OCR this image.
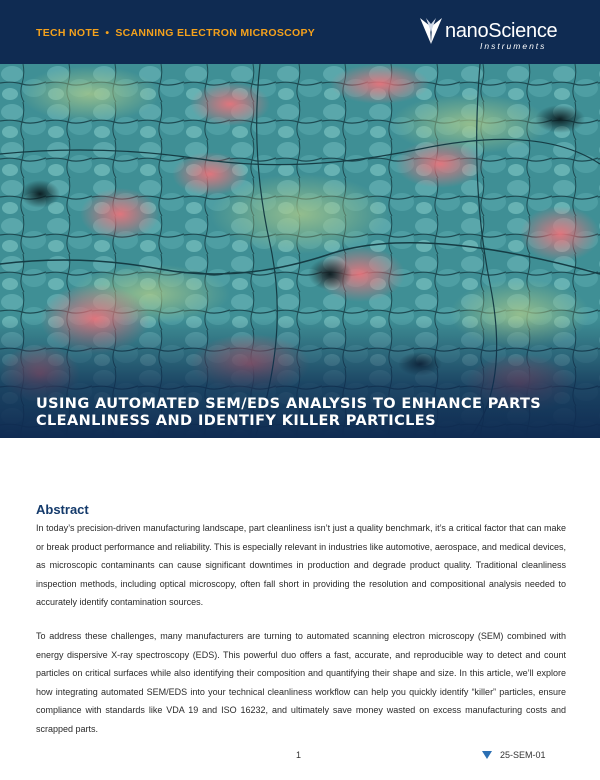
TECH NOTE • SCANNING ELECTRON MICROSCOPY	nanoScience
Instruments
USING AUTOMATED SEM/EDS ANALYSIS TO ENHANCE PARTS CLEANLINESS AND IDENTIFY KILLER PARTICLES
Abstract

In today’s precision-driven manufacturing landscape, part cleanliness isn’t just a quality benchmark, it’s a critical factor that can make or break product performance and reliability. This is especially relevant in industries like automotive, aerospace, and medical devices, as microscopic contaminants can cause significant downtimes in production and degrade product quality. Traditional cleanliness inspection methods, including optical microscopy, often fall short in providing the resolution and compositional analysis needed to accurately identify contamination sources.

To address these challenges, many manufacturers are turning to automated scanning electron microscopy (SEM) combined with energy dispersive X-ray spectroscopy (EDS). This powerful duo offers a fast, accurate, and reproducible way to detect and count particles on critical surfaces while also identifying their composition and quantifying their shape and size. In this article, we’ll explore how integrating automated SEM/EDS into your technical cleanliness workflow can help you quickly identify “killer” particles, ensure compliance with standards like VDA 19 and ISO 16232, and ultimately save money wasted on excess manufacturing costs and scrapped parts.

1	25-SEM-01
